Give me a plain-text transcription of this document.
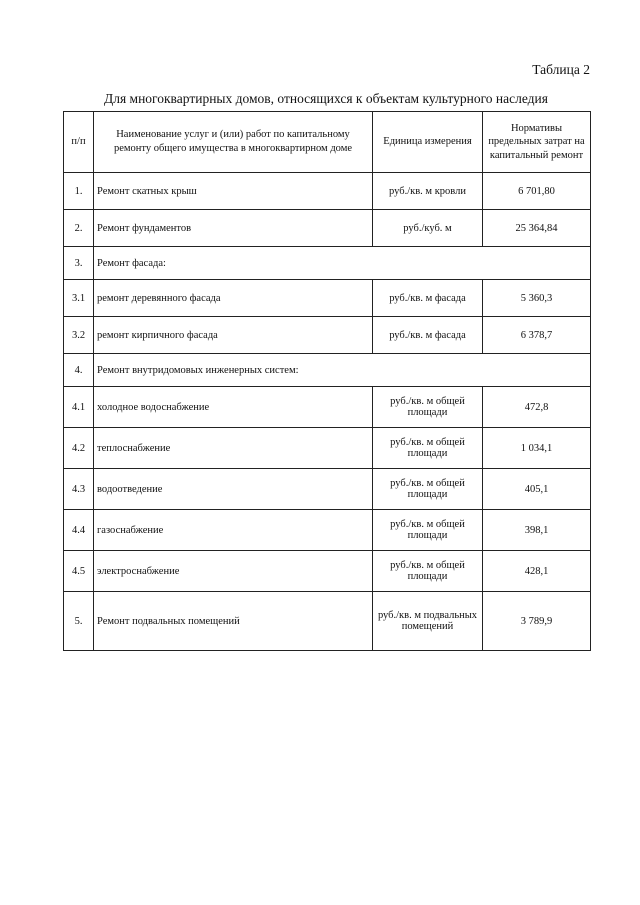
Таблица 2
Для многоквартирных домов, относящихся к объектам культурного наследия
п/п	Наименование услуг и (или) работ по капитальному ремонту общего имущества в многоквартирном доме	Единица измерения	Нормативы предельных затрат на капитальный ремонт
1.	Ремонт скатных крыш	руб./кв. м кровли	6 701,80
2.	Ремонт фундаментов	руб./куб. м	25 364,84
3.	Ремонт фасада:		
3.1	ремонт деревянного фасада	руб./кв. м фасада	5 360,3
3.2	ремонт кирпичного фасада	руб./кв. м фасада	6 378,7
4.	Ремонт внутридомовых инженерных систем:		
4.1	холодное водоснабжение	руб./кв. м общей площади	472,8
4.2	теплоснабжение	руб./кв. м общей площади	1 034,1
4.3	водоотведение	руб./кв. м общей площади	405,1
4.4	газоснабжение	руб./кв. м общей площади	398,1
4.5	электроснабжение	руб./кв. м общей площади	428,1
5.	Ремонт подвальных помещений	руб./кв. м подвальных помещений	3 789,9
